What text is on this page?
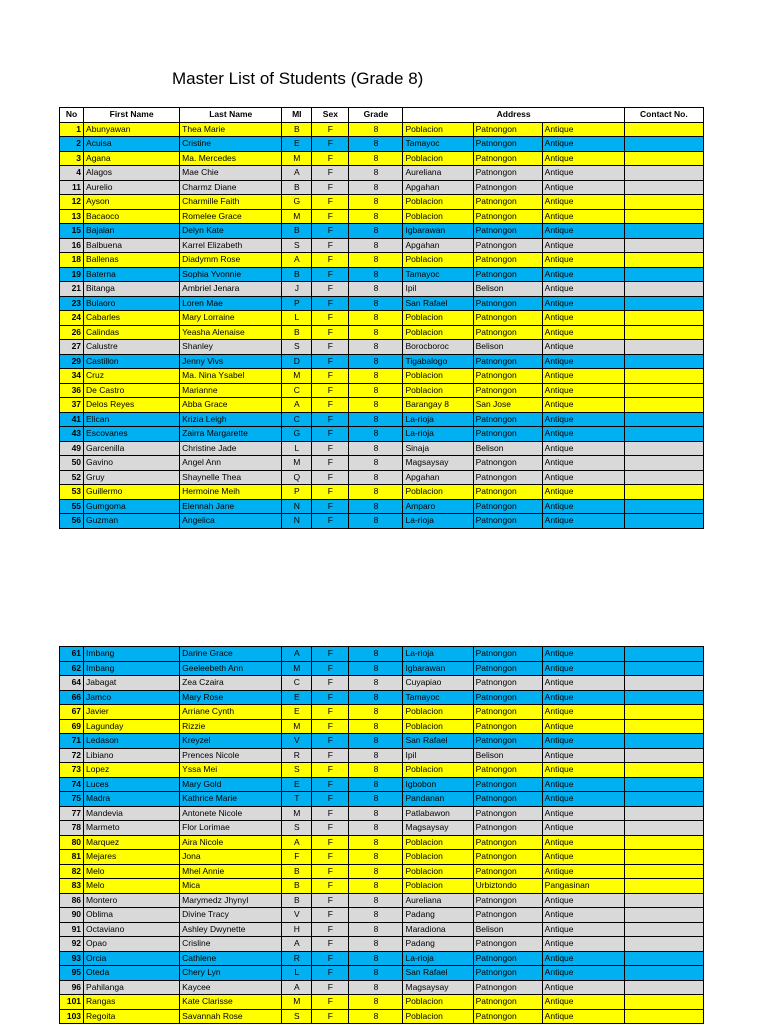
Master List of Students (Grade 8)
No	First Name	Last Name	MI	Sex	Grade	Address			Contact No.
1	Abunyawan	Thea Marie	B	F	8	Poblacion	Patnongon	Antique	
2	Acuisa	Cristine	E	F	8	Tamayoc	Patnongon	Antique	
3	Agana	Ma. Mercedes	M	F	8	Poblacion	Patnongon	Antique	
4	Alagos	Mae Chie	A	F	8	Aureliana	Patnongon	Antique	
11	Aurelio	Charmz Diane	B	F	8	Apgahan	Patnongon	Antique	
12	Ayson	Charmille Faith	G	F	8	Poblacion	Patnongon	Antique	
13	Bacaoco	Romelee Grace	M	F	8	Poblacion	Patnongon	Antique	
15	Bajalan	Delyn Kate	B	F	8	Igbarawan	Patnongon	Antique	
16	Balbuena	Karrel Elizabeth	S	F	8	Apgahan	Patnongon	Antique	
18	Ballenas	Diadymm Rose	A	F	8	Poblacion	Patnongon	Antique	
19	Baterna	Sophia Yvonnie	B	F	8	Tamayoc	Patnongon	Antique	
21	Bitanga	Ambriel Jenara	J	F	8	Ipil	Belison	Antique	
23	Bulaoro	Loren Mae	P	F	8	San Rafael	Patnongon	Antique	
24	Cabarles	Mary Lorraine	L	F	8	Poblacion	Patnongon	Antique	
26	Calindas	Yeasha Alenaise	B	F	8	Poblacion	Patnongon	Antique	
27	Calustre	Shanley	S	F	8	Borocboroc	Belison	Antique	
29	Castillon	Jenny Vivs	D	F	8	Tigabalogo	Patnongon	Antique	
34	Cruz	Ma. Nina Ysabel	M	F	8	Poblacion	Patnongon	Antique	
36	De Castro	Marianne	C	F	8	Poblacion	Patnongon	Antique	
37	Delos Reyes	Abba Grace	A	F	8	Barangay 8	San Jose	Antique	
41	Elican	Krizia Leigh	C	F	8	La-rioja	Patnongon	Antique	
43	Escovanes	Zairra Margarette	G	F	8	La-rioja	Patnongon	Antique	
49	Garcenilla	Christine Jade	L	F	8	Sinaja	Belison	Antique	
50	Gavino	Angel Ann	M	F	8	Magsaysay	Patnongon	Antique	
52	Gruy	Shaynelle Thea	Q	F	8	Apgahan	Patnongon	Antique	
53	Guillermo	Hermoine Meih	P	F	8	Poblacion	Patnongon	Antique	
55	Gumgoma	Elennah Jane	N	F	8	Amparo	Patnongon	Antique	
56	Guzman	Angelica	N	F	8	La-rioja	Patnongon	Antique	
61	Imbang	Darine Grace	A	F	8	La-rioja	Patnongon	Antique	
62	Imbang	Geeleebeth Ann	M	F	8	Igbarawan	Patnongon	Antique	
64	Jabagat	Zea Czaira	C	F	8	Cuyapiao	Patnongon	Antique	
66	Jamco	Mary Rose	E	F	8	Tamayoc	Patnongon	Antique	
67	Javier	Arriane Cynth	E	F	8	Poblacion	Patnongon	Antique	
69	Lagunday	Rizzie	M	F	8	Poblacion	Patnongon	Antique	
71	Ledason	Kreyzel	V	F	8	San Rafael	Patnongon	Antique	
72	Libiano	Prences Nicole	R	F	8	Ipil	Belison	Antique	
73	Lopez	Yssa Mei	S	F	8	Poblacion	Patnongon	Antique	
74	Luces	Mary Gold	E	F	8	Igbobon	Patnongon	Antique	
75	Madra	Kathrice Marie	T	F	8	Pandanan	Patnongon	Antique	
77	Mandevia	Antonete Nicole	M	F	8	Patlabawon	Patnongon	Antique	
78	Marmeto	Flor Lorimae	S	F	8	Magsaysay	Patnongon	Antique	
80	Marquez	Aira Nicole	A	F	8	Poblacion	Patnongon	Antique	
81	Mejares	Jona	F	F	8	Poblacion	Patnongon	Antique	
82	Melo	Mhel Annie	B	F	8	Poblacion	Patnongon	Antique	
83	Melo	Mica	B	F	8	Poblacion	Urbiztondo	Pangasinan	
86	Montero	Marymedz Jhynyl	B	F	8	Aureliana	Patnongon	Antique	
90	Oblima	Divine Tracy	V	F	8	Padang	Patnongon	Antique	
91	Octaviano	Ashley Dwynette	H	F	8	Maradiona	Belison	Antique	
92	Opao	Crisline	A	F	8	Padang	Patnongon	Antique	
93	Orcia	Cathlene	R	F	8	La-rioja	Patnongon	Antique	
95	Oteda	Chery Lyn	L	F	8	San Rafael	Patnongon	Antique	
96	Pahilanga	Kaycee	A	F	8	Magsaysay	Patnongon	Antique	
101	Rangas	Kate Clarisse	M	F	8	Poblacion	Patnongon	Antique	
103	Regoita	Savannah Rose	S	F	8	Poblacion	Patnongon	Antique	
